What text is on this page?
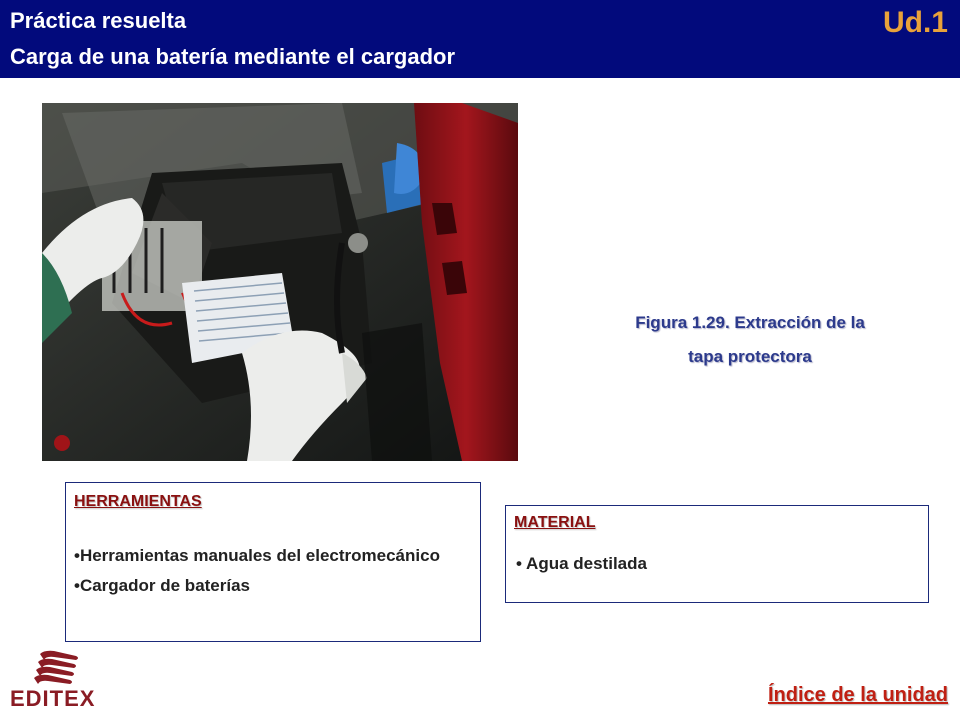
Práctica resuelta
Carga de una batería mediante el cargador
Ud.1
Figura 1.29. Extracción de la
tapa protectora
HERRAMIENTAS
•Herramientas manuales del electromecánico
•Cargador de baterías
MATERIAL
• Agua destilada
EDITEX	Índice de la unidad
